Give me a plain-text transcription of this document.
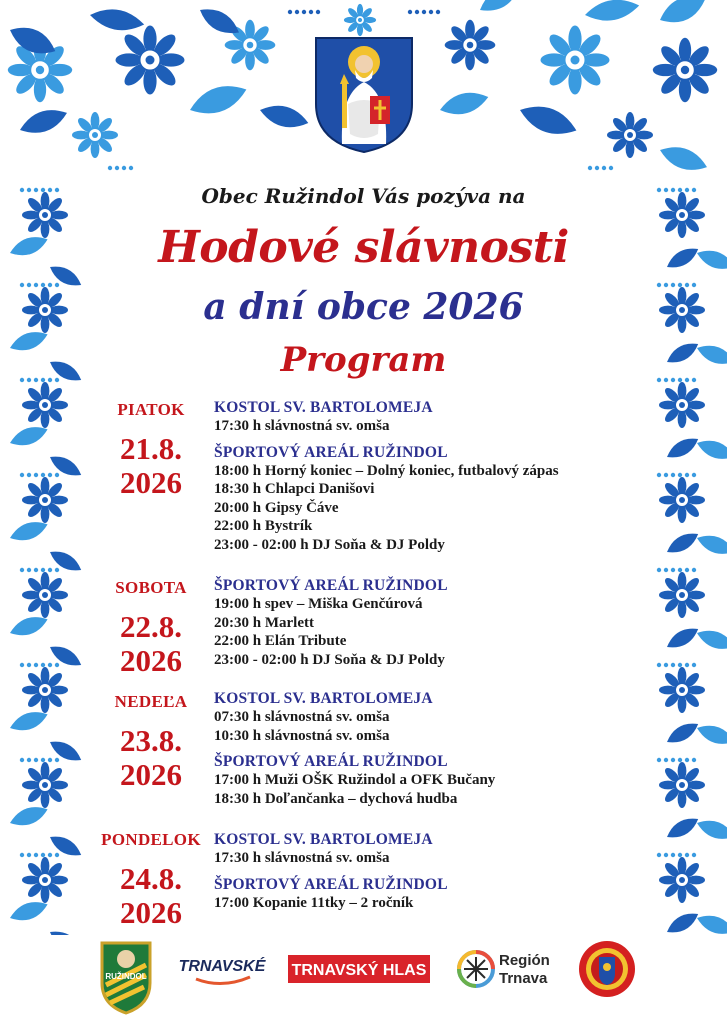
Obec Ružindol Vás pozýva na
Hodové slávnosti
a dní obce 2026
Program
PIATOK
21.8.
2026
KOSTOL SV. BARTOLOMEJA
17:30 h slávnostná sv. omša
ŠPORTOVÝ AREÁL RUŽINDOL
18:00 h Horný koniec – Dolný koniec, futbalový zápas
18:30 h Chlapci Danišovi
20:00 h Gipsy Čáve
22:00 h Bystrík
23:00 - 02:00 h DJ Soňa & DJ Poldy
SOBOTA
22.8.
2026
ŠPORTOVÝ AREÁL RUŽINDOL
19:00 h spev – Miška Genčúrová
20:30 h Marlett
22:00 h Elán Tribute
23:00 - 02:00 h DJ Soňa & DJ Poldy
NEDEĽA
23.8.
2026
KOSTOL SV. BARTOLOMEJA
07:30 h slávnostná sv. omša
10:30 h slávnostná sv. omša
ŠPORTOVÝ AREÁL RUŽINDOL
17:00 h Muži OŠK Ružindol a OFK Bučany
18:30 h Doľančanka – dychová hudba
PONDELOK
24.8.
2026
KOSTOL SV. BARTOLOMEJA
17:30 h slávnostná sv. omša
ŠPORTOVÝ AREÁL RUŽINDOL
17:00 Kopanie 11tky – 2 ročník
RUŽINDOL
TRNAVSKÉ TRNAVSKÝ HLAS
Región
Trnava
